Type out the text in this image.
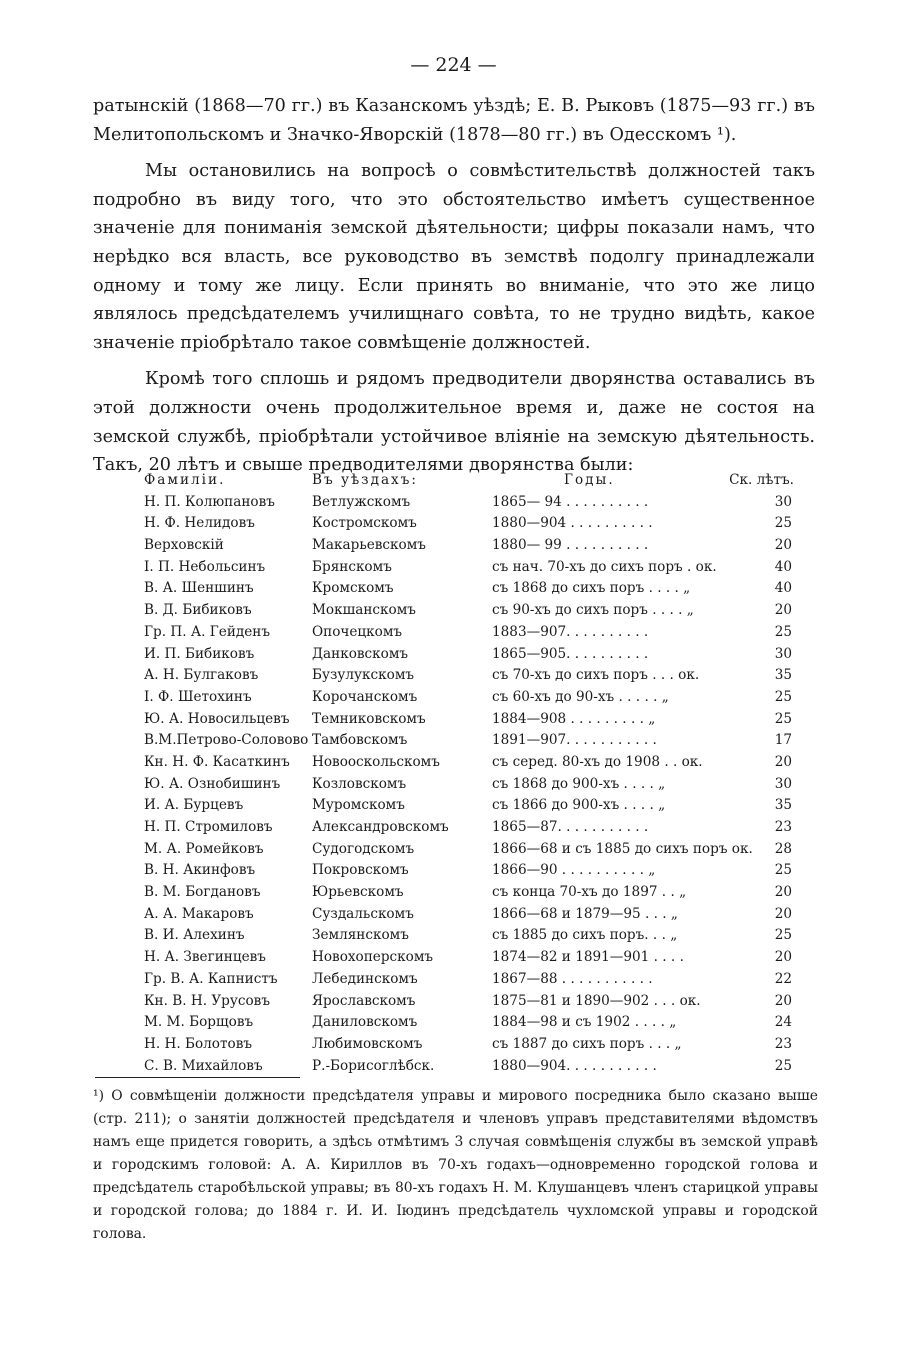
— 224 —

ратынскій (1868—70 гг.) въ Казанскомъ уѣздѣ; Е. В. Рыковъ (1875—93 гг.) въ Мелитопольскомъ и Значко-Яворскій (1878—80 гг.) въ Одесскомъ ¹).

Мы остановились на вопросѣ о совмѣстительствѣ должностей такъ подробно въ виду того, что это обстоятельство имѣетъ существенное значеніе для пониманія земской дѣятельности; цифры показали намъ, что нерѣдко вся власть, все руководство въ земствѣ подолгу принадлежали одному и тому же лицу. Если принять во вниманіе, что это же лицо являлось предсѣдателемъ училищнаго совѣта, то не трудно видѣть, какое значеніе пріобрѣтало такое совмѣщеніе должностей.

Кромѣ того сплошь и рядомъ предводители дворянства оставались въ этой должности очень продолжительное время и, даже не состоя на земской службѣ, пріобрѣтали устойчивое вліяніе на земскую дѣятельность. Такъ, 20 лѣтъ и свыше предводителями дворянства были:

Фамиліи.	Въ уѣздахъ:	Годы.	Ск. лѣтъ.
Н. П. Колюпановъ	Ветлужскомъ	1865— 94 . . . . . . . . . .	30
Н. Ф. Нелидовъ	Костромскомъ	1880—904 . . . . . . . . . .	25
Верховскій	Макарьевскомъ	1880— 99 . . . . . . . . . .	20
І. П. Небольсинъ	Брянскомъ	съ нач. 70-хъ до сихъ поръ . ок.	40
В. А. Шеншинъ	Кромскомъ	съ 1868 до сихъ поръ . . . . „	40
В. Д. Бибиковъ	Мокшанскомъ	съ 90-хъ до сихъ поръ . . . . „	20
Гр. П. А. Гейденъ	Опочецкомъ	1883—907. . . . . . . . . .	25
И. П. Бибиковъ	Данковскомъ	1865—905. . . . . . . . . .	30
А. Н. Булгаковъ	Бузулукскомъ	съ 70-хъ до сихъ поръ . . . ок.	35
І. Ф. Шетохинъ	Корочанскомъ	съ 60-хъ до 90-хъ . . . . . „	25
Ю. А. Новосильцевъ Темниковскомъ	1884—908 . . . . . . . . . „	25
В.М.Петрово-Соловово Тамбовскомъ	1891—907. . . . . . . . . . .	17
Кн. Н. Ф. Касаткинъ Новооскольскомъ	съ серед. 80-хъ до 1908 . . ок.	20
Ю. А. Ознобишинъ Козловскомъ	съ 1868 до 900-хъ . . . . „	30
И. А. Бурцевъ	Муромскомъ	съ 1866 до 900-хъ . . . . „	35
Н. П. Стромиловъ	Александровскомъ	1865—87. . . . . . . . . . .	23
М. А. Ромейковъ	Судогодскомъ	1866—68 и съ 1885 до сихъ поръ ок.	28
В. Н. Акинфовъ	Покровскомъ	1866—90 . . . . . . . . . . „	25
В. М. Богдановъ	Юрьевскомъ	съ конца 70-хъ до 1897 . . „	20
А. А. Макаровъ	Суздальскомъ	1866—68 и 1879—95 . . . „	20
В. И. Алехинъ	Землянскомъ	съ 1885 до сихъ поръ. . . „	25
Н. А. Звегинцевъ	Новохоперскомъ	1874—82 и 1891—901 . . . .	20
Гр. В. А. Капнистъ	Лебединскомъ	1867—88 . . . . . . . . . . .	22
Кн. В. Н. Урусовъ	Ярославскомъ	1875—81 и 1890—902 . . . ок.	20
М. М. Борщовъ	Даниловскомъ	1884—98 и съ 1902 . . . . „	24
Н. Н. Болотовъ	Любимовскомъ	съ 1887 до сихъ поръ . . . „	23
С. В. Михайловъ	Р.-Борисоглѣбск.	1880—904. . . . . . . . . . .	25
¹) О совмѣщеніи должности предсѣдателя управы и мирового посредника было сказано выше (стр. 211); о занятіи должностей предсѣдателя и членовъ управъ представителями вѣдомствъ намъ еще придется говорить, а здѣсь отмѣтимъ 3 случая совмѣщенія службы въ земской управѣ и городскимъ головой: А. А. Кириллов въ 70-хъ годахъ—одновременно городской голова и предсѣдатель старобѣльской управы; въ 80-хъ годахъ Н. М. Клушанцевъ членъ старицкой управы и городской голова; до 1884 г. И. И. Іюдинъ предсѣдатель чухломской управы и городской голова.
